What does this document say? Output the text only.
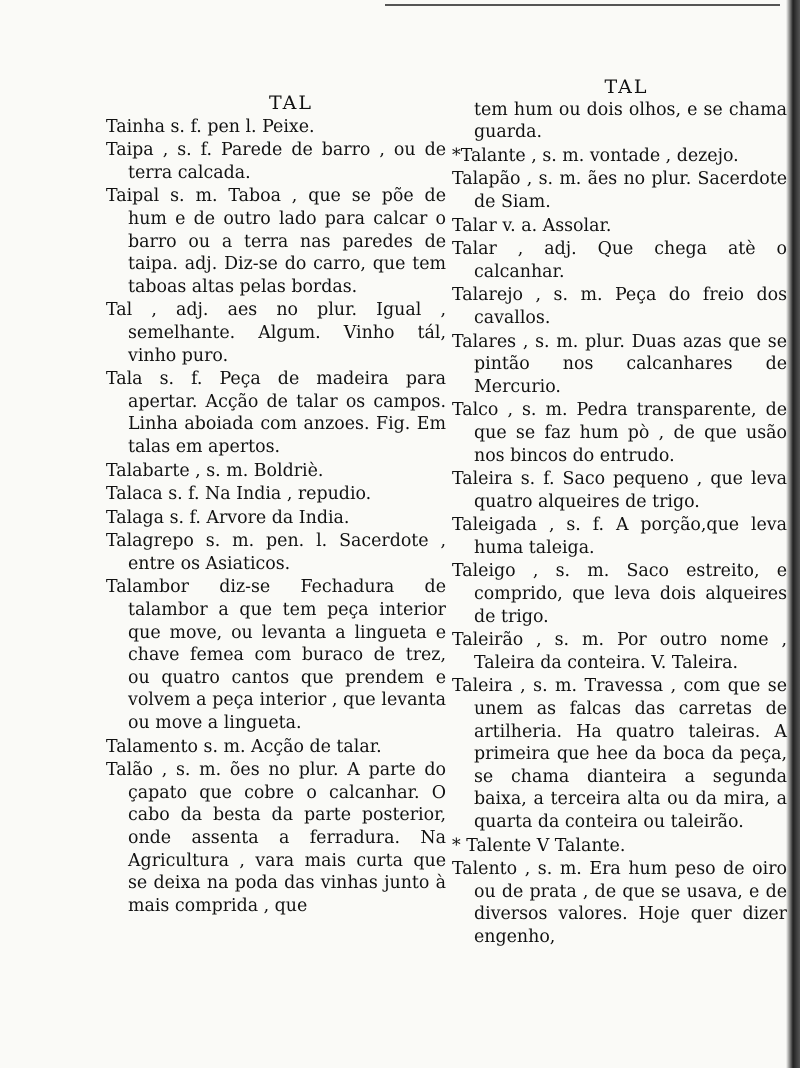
TAL

Tainha s. f. pen l. Peixe.

Taipa , s. f. Parede de barro , ou de terra calcada.

Taipal s. m. Taboa , que se põe de hum e de outro lado para calcar o barro ou a terra nas paredes de taipa. adj. Diz-se do carro, que tem taboas altas pelas bordas.

Tal , adj. aes no plur. Igual , semelhante. Algum. Vinho tál, vinho puro.

Tala s. f. Peça de madeira para apertar. Acção de talar os campos. Linha aboiada com anzoes. Fig. Em talas em apertos.

Talabarte , s. m. Boldriè.

Talaca s. f. Na India , repudio.

Talaga s. f. Arvore da India.

Talagrepo s. m. pen. l. Sacerdote , entre os Asiaticos.

Talambor diz-se Fechadura de talambor a que tem peça interior que move, ou levanta a lingueta e chave femea com buraco de trez, ou quatro cantos que prendem e volvem a peça interior , que levanta ou move a lingueta.

Talamento s. m. Acção de talar.

Talão , s. m. ões no plur. A parte do çapato que cobre o calcanhar. O cabo da besta da parte posterior, onde assenta a ferradura. Na Agricultura , vara mais curta que se deixa na poda das vinhas junto à mais comprida , que

TAL

tem hum ou dois olhos, e se chama guarda.

*Talante , s. m. vontade , dezejo.

Talapão , s. m. ães no plur. Sacerdote de Siam.

Talar v. a. Assolar.

Talar , adj. Que chega atè o calcanhar.

Talarejo , s. m. Peça do freio dos cavallos.

Talares , s. m. plur. Duas azas que se pintão nos calcanhares de Mercurio.

Talco , s. m. Pedra transparente, de que se faz hum pò , de que usão nos bincos do entrudo.

Taleira s. f. Saco pequeno , que leva quatro alqueires de trigo.

Taleigada , s. f. A porção,que leva huma taleiga.

Taleigo , s. m. Saco estreito, e comprido, que leva dois alqueires de trigo.

Taleirão , s. m. Por outro nome , Taleira da conteira. V. Taleira.

Taleira , s. m. Travessa , com que se unem as falcas das carretas de artilheria. Ha quatro taleiras. A primeira que hee da boca da peça, se chama dianteira a segunda baixa, a terceira alta ou da mira, a quarta da conteira ou taleirão.

* Talente V Talante.

Talento , s. m. Era hum peso de oiro ou de prata , de que se usava, e de diversos valores. Hoje quer dizer engenho,
